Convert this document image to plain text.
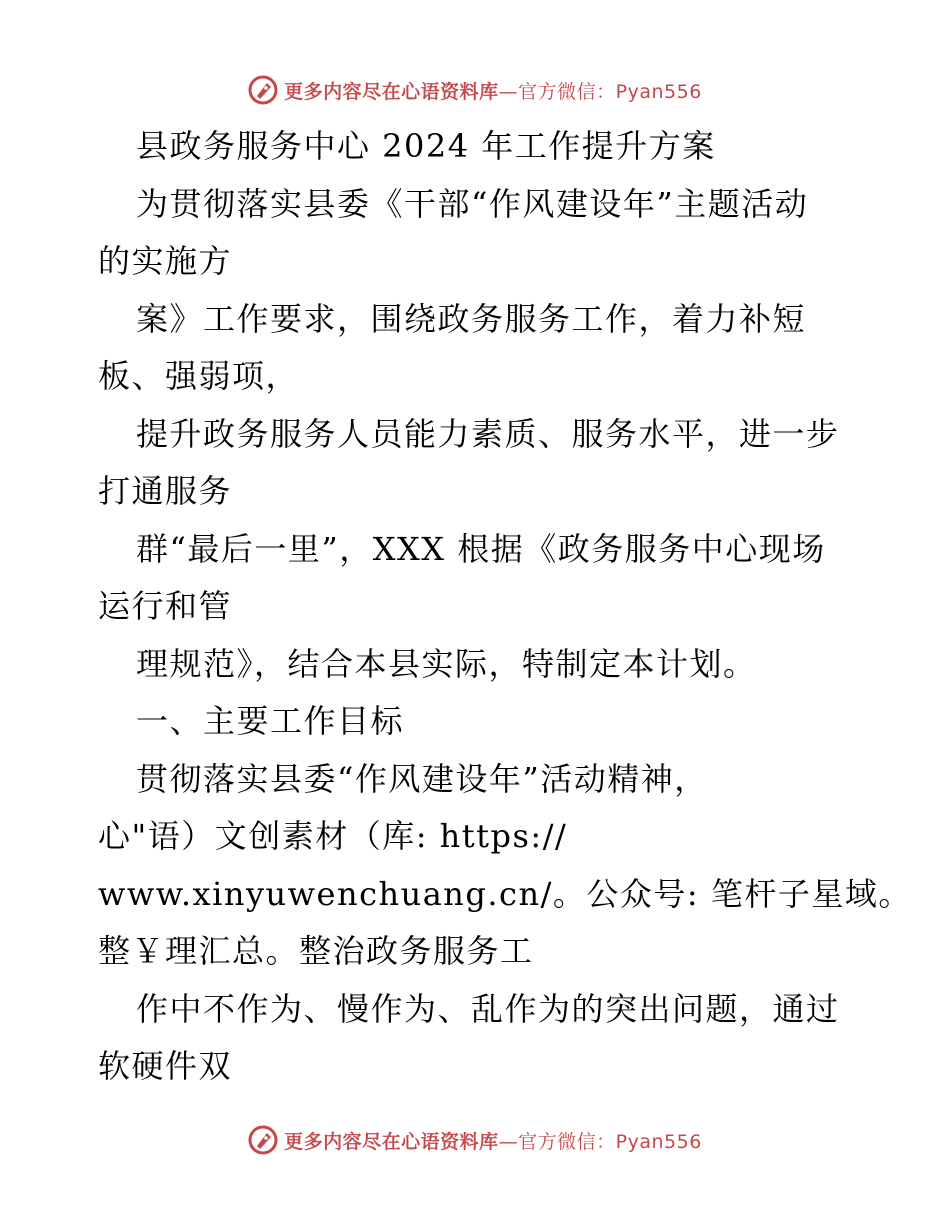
更多内容尽在心语资料库—官方微信：Pyan556
县政务服务中心 2024 年工作提升方案
为贯彻落实县委《干部“作风建设年”主题活动
的实施方
案》工作要求，围绕政务服务工作，着力补短
板、强弱项，
提升政务服务人员能力素质、服务水平，进一步
打通服务
群“最后一里”，XXX 根据《政务服务中心现场
运行和管
理规范》，结合本县实际，特制定本计划。
一、主要工作目标
贯彻落实县委“作风建设年”活动精神，
心"语）文创素材（库: https://
www.xinyuwenchuang.cn/。公众号: 笔杆子星域。
整￥理汇总。整治政务服务工
作中不作为、慢作为、乱作为的突出问题，通过
软硬件双
更多内容尽在心语资料库—官方微信：Pyan556
